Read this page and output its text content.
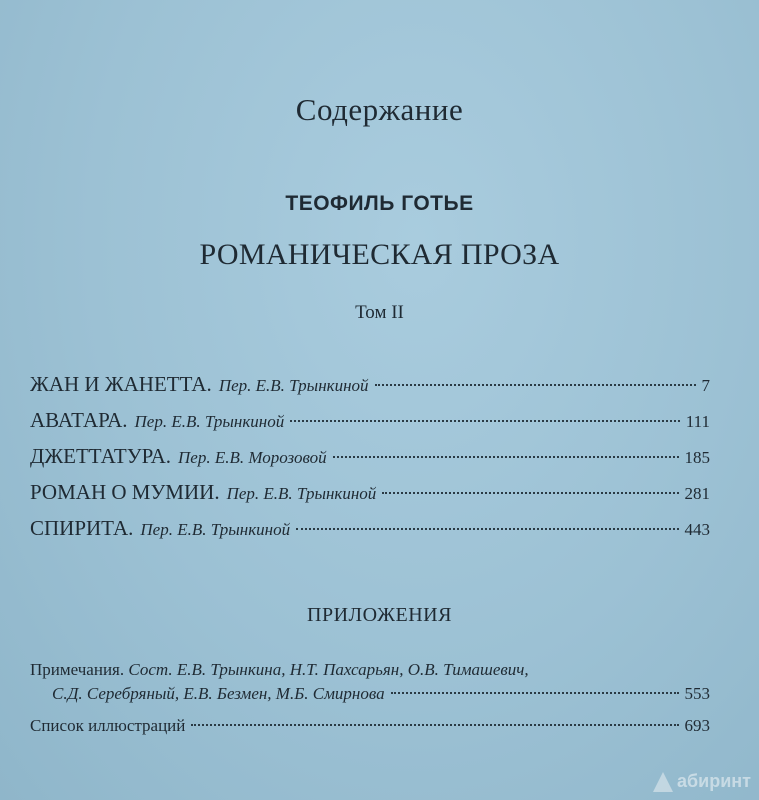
Содержание
ТЕОФИЛЬ ГОТЬЕ
РОМАНИЧЕСКАЯ ПРОЗА
Том II
ЖАН И ЖАНЕТТА. Пер. Е.В. Трынкиной	7
АВАТАРА. Пер. Е.В. Трынкиной	111
ДЖЕТТАТУРА. Пер. Е.В. Морозовой	185
РОМАН О МУМИИ. Пер. Е.В. Трынкиной	281
СПИРИТА. Пер. Е.В. Трынкиной	443
ПРИЛОЖЕНИЯ
Примечания. Сост. Е.В. Трынкина, Н.Т. Пахсарьян, О.В. Тимашевич,
С.Д. Серебряный, Е.В. Безмен, М.Б. Смирнова	553
Список иллюстраций	693
абиринт
